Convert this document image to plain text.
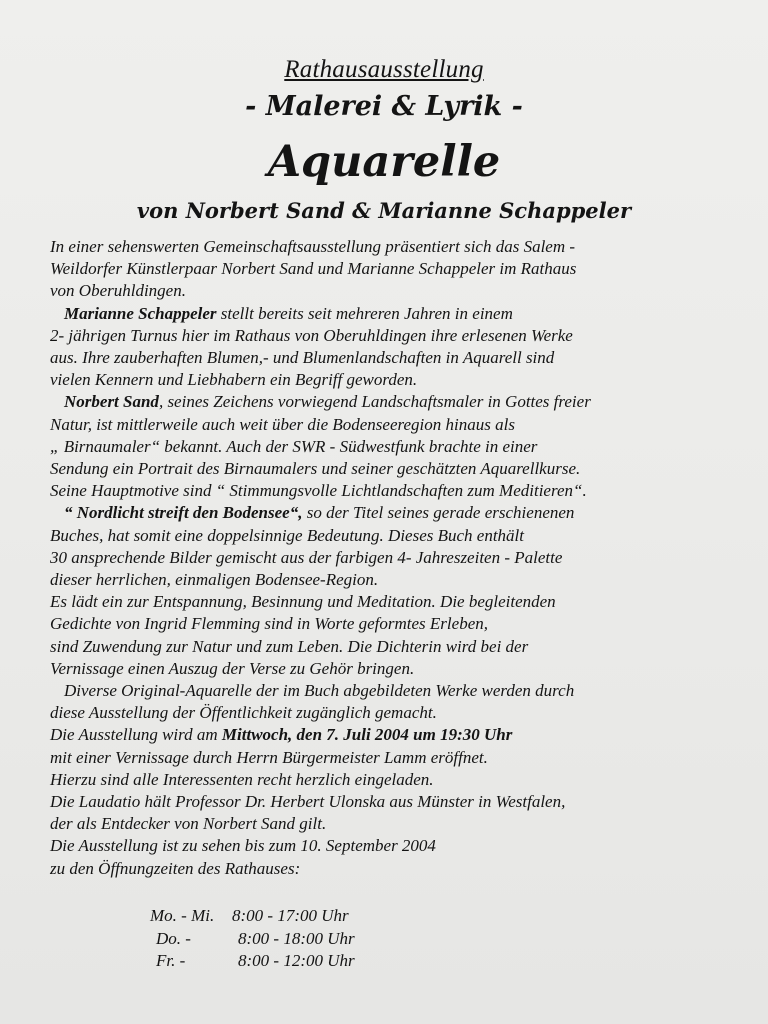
Rathausausstellung
- Malerei & Lyrik -
Aquarelle
von Norbert Sand & Marianne Schappeler
In einer sehenswerten Gemeinschaftsausstellung präsentiert sich das Salem -
Weildorfer Künstlerpaar Norbert Sand und Marianne Schappeler im Rathaus
von Oberuhldingen.
Marianne Schappeler stellt bereits seit mehreren Jahren in einem
2- jährigen Turnus hier im Rathaus von Oberuhldingen ihre erlesenen Werke
aus. Ihre zauberhaften Blumen,- und Blumenlandschaften in Aquarell sind
vielen Kennern und Liebhabern ein Begriff geworden.
Norbert Sand, seines Zeichens vorwiegend Landschaftsmaler in Gottes freier
Natur, ist mittlerweile auch weit über die Bodenseeregion hinaus als
„ Birnaumaler“ bekannt. Auch der SWR - Südwestfunk brachte in einer
Sendung ein Portrait des Birnaumalers und seiner geschätzten Aquarellkurse.
Seine Hauptmotive sind “ Stimmungsvolle Lichtlandschaften zum Meditieren“.
“ Nordlicht streift den Bodensee“, so der Titel seines gerade erschienenen
Buches, hat somit eine doppelsinnige Bedeutung. Dieses Buch enthält
30 ansprechende Bilder gemischt aus der farbigen 4- Jahreszeiten - Palette
dieser herrlichen, einmaligen Bodensee-Region.
Es lädt ein zur Entspannung, Besinnung und Meditation. Die begleitenden
Gedichte von Ingrid Flemming sind in Worte geformtes Erleben,
sind Zuwendung zur Natur und zum Leben. Die Dichterin wird bei der
Vernissage einen Auszug der Verse zu Gehör bringen.
Diverse Original-Aquarelle der im Buch abgebildeten Werke werden durch
diese Ausstellung der Öffentlichkeit zugänglich gemacht.
Die Ausstellung wird am Mittwoch, den 7. Juli 2004 um 19:30 Uhr
mit einer Vernissage durch Herrn Bürgermeister Lamm eröffnet.
Hierzu sind alle Interessenten recht herzlich eingeladen.
Die Laudatio hält Professor Dr. Herbert Ulonska aus Münster in Westfalen,
der als Entdecker von Norbert Sand gilt.
Die Ausstellung ist zu sehen bis zum 10. September 2004
zu den Öffnungzeiten des Rathauses:
Mo. - Mi.	8:00 - 17:00 Uhr
Do. -	8:00 - 18:00 Uhr
Fr. -	8:00 - 12:00 Uhr
